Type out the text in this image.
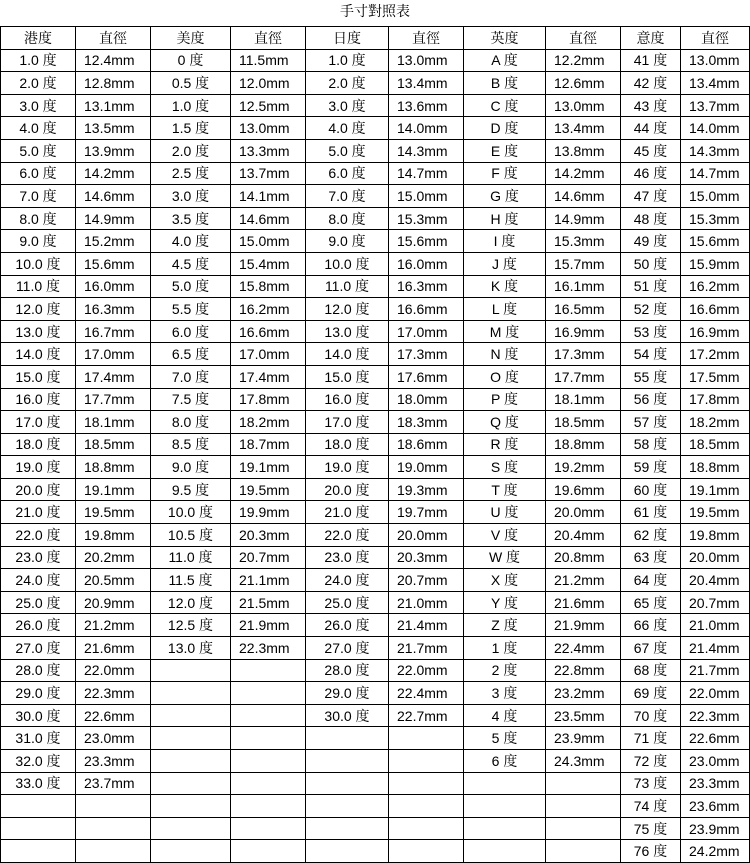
手寸對照表
港度	直徑	美度	直徑	日度	直徑	英度	直徑	意度	直徑
1.0 度	12.4mm	0 度	11.5mm	1.0 度	13.0mm	A 度	12.2mm	41 度	13.0mm
2.0 度	12.8mm	0.5 度	12.0mm	2.0 度	13.4mm	B 度	12.6mm	42 度	13.4mm
3.0 度	13.1mm	1.0 度	12.5mm	3.0 度	13.6mm	C 度	13.0mm	43 度	13.7mm
4.0 度	13.5mm	1.5 度	13.0mm	4.0 度	14.0mm	D 度	13.4mm	44 度	14.0mm
5.0 度	13.9mm	2.0 度	13.3mm	5.0 度	14.3mm	E 度	13.8mm	45 度	14.3mm
6.0 度	14.2mm	2.5 度	13.7mm	6.0 度	14.7mm	F 度	14.2mm	46 度	14.7mm
7.0 度	14.6mm	3.0 度	14.1mm	7.0 度	15.0mm	G 度	14.6mm	47 度	15.0mm
8.0 度	14.9mm	3.5 度	14.6mm	8.0 度	15.3mm	H 度	14.9mm	48 度	15.3mm
9.0 度	15.2mm	4.0 度	15.0mm	9.0 度	15.6mm	I 度	15.3mm	49 度	15.6mm
10.0 度	15.6mm	4.5 度	15.4mm	10.0 度	16.0mm	J 度	15.7mm	50 度	15.9mm
11.0 度	16.0mm	5.0 度	15.8mm	11.0 度	16.3mm	K 度	16.1mm	51 度	16.2mm
12.0 度	16.3mm	5.5 度	16.2mm	12.0 度	16.6mm	L 度	16.5mm	52 度	16.6mm
13.0 度	16.7mm	6.0 度	16.6mm	13.0 度	17.0mm	M 度	16.9mm	53 度	16.9mm
14.0 度	17.0mm	6.5 度	17.0mm	14.0 度	17.3mm	N 度	17.3mm	54 度	17.2mm
15.0 度	17.4mm	7.0 度	17.4mm	15.0 度	17.6mm	O 度	17.7mm	55 度	17.5mm
16.0 度	17.7mm	7.5 度	17.8mm	16.0 度	18.0mm	P 度	18.1mm	56 度	17.8mm
17.0 度	18.1mm	8.0 度	18.2mm	17.0 度	18.3mm	Q 度	18.5mm	57 度	18.2mm
18.0 度	18.5mm	8.5 度	18.7mm	18.0 度	18.6mm	R 度	18.8mm	58 度	18.5mm
19.0 度	18.8mm	9.0 度	19.1mm	19.0 度	19.0mm	S 度	19.2mm	59 度	18.8mm
20.0 度	19.1mm	9.5 度	19.5mm	20.0 度	19.3mm	T 度	19.6mm	60 度	19.1mm
21.0 度	19.5mm	10.0 度	19.9mm	21.0 度	19.7mm	U 度	20.0mm	61 度	19.5mm
22.0 度	19.8mm	10.5 度	20.3mm	22.0 度	20.0mm	V 度	20.4mm	62 度	19.8mm
23.0 度	20.2mm	11.0 度	20.7mm	23.0 度	20.3mm	W 度	20.8mm	63 度	20.0mm
24.0 度	20.5mm	11.5 度	21.1mm	24.0 度	20.7mm	X 度	21.2mm	64 度	20.4mm
25.0 度	20.9mm	12.0 度	21.5mm	25.0 度	21.0mm	Y 度	21.6mm	65 度	20.7mm
26.0 度	21.2mm	12.5 度	21.9mm	26.0 度	21.4mm	Z 度	21.9mm	66 度	21.0mm
27.0 度	21.6mm	13.0 度	22.3mm	27.0 度	21.7mm	1 度	22.4mm	67 度	21.4mm
28.0 度	22.0mm			28.0 度	22.0mm	2 度	22.8mm	68 度	21.7mm
29.0 度	22.3mm			29.0 度	22.4mm	3 度	23.2mm	69 度	22.0mm
30.0 度	22.6mm			30.0 度	22.7mm	4 度	23.5mm	70 度	22.3mm
31.0 度	23.0mm					5 度	23.9mm	71 度	22.6mm
32.0 度	23.3mm					6 度	24.3mm	72 度	23.0mm
33.0 度	23.7mm							73 度	23.3mm
								74 度	23.6mm
								75 度	23.9mm
								76 度	24.2mm
